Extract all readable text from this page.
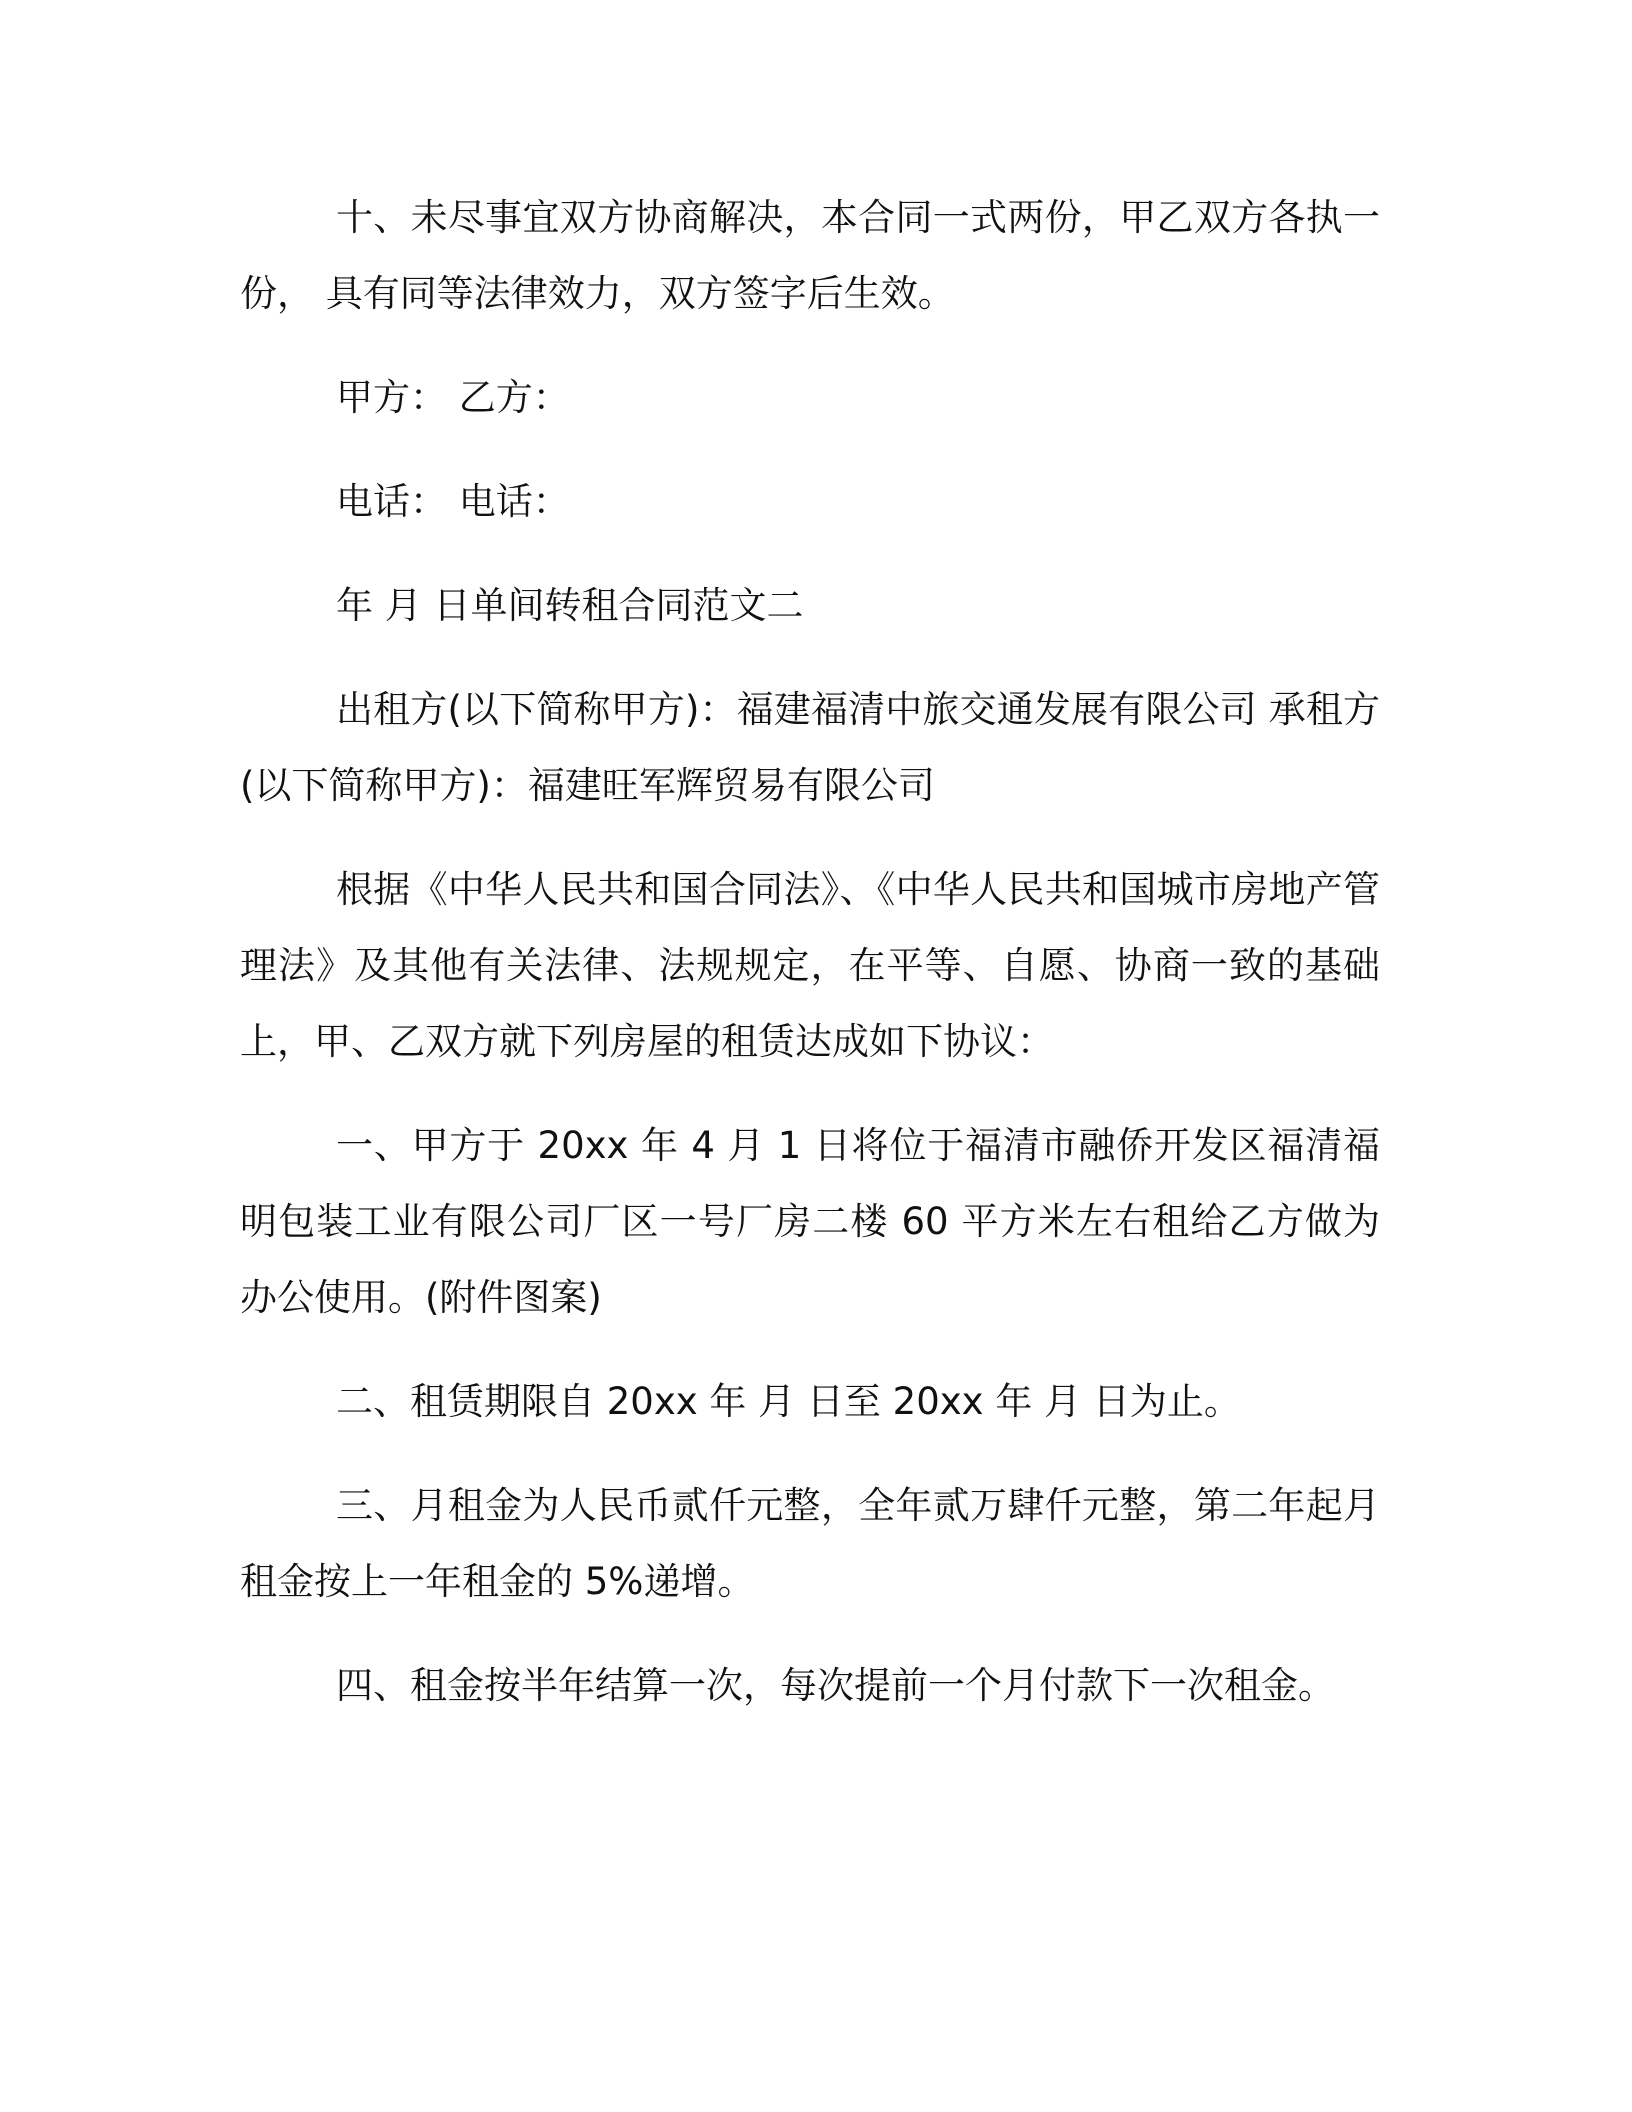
十、未尽事宜双方协商解决，本合同一式两份，甲乙双方各执一份， 具有同等法律效力，双方签字后生效。

甲方： 乙方：

电话： 电话：

年 月 日单间转租合同范文二

出租方(以下简称甲方)：福建福清中旅交通发展有限公司 承租方(以下简称甲方)：福建旺军辉贸易有限公司

根据《中华人民共和国合同法》、《中华人民共和国城市房地产管理法》及其他有关法律、法规规定，在平等、自愿、协商一致的基础上，甲、乙双方就下列房屋的租赁达成如下协议：

一、甲方于 20xx 年 4 月 1 日将位于福清市融侨开发区福清福明包装工业有限公司厂区一号厂房二楼 60 平方米左右租给乙方做为办公使用。(附件图案)

二、租赁期限自 20xx 年 月 日至 20xx 年 月 日为止。

三、月租金为人民币贰仟元整，全年贰万肆仟元整，第二年起月租金按上一年租金的 5%递增。

四、租金按半年结算一次，每次提前一个月付款下一次租金。
